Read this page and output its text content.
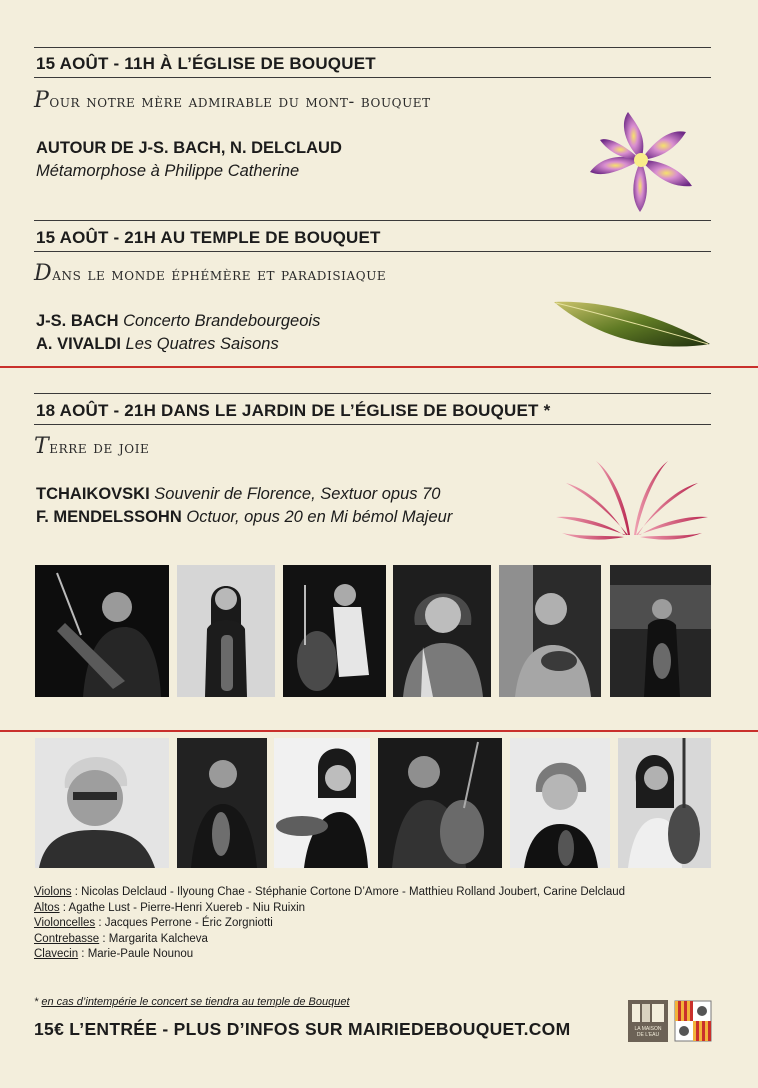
15 AOÛT - 11H À L’ÉGLISE DE BOUQUET
Pour notre mère admirable du mont- bouquet
AUTOUR DE J-S. BACH, N. DELCLAUD
Métamorphose à Philippe Catherine
15 AOÛT - 21H AU TEMPLE DE BOUQUET
Dans le monde éphémère et paradisiaque
J-S. BACH Concerto Brandebourgeois
A. VIVALDI Les Quatres Saisons
18 AOÛT - 21H DANS LE JARDIN DE L’ÉGLISE DE BOUQUET *
Terre de joie
TCHAIKOVSKI Souvenir de Florence, Sextuor opus 70
F. MENDELSSOHN Octuor, opus 20 en Mi bémol Majeur
Violons : Nicolas Delclaud - Ilyoung Chae - Stéphanie Cortone D’Amore - Matthieu Rolland Joubert, Carine Delclaud
Altos : Agathe Lust - Pierre-Henri Xuereb - Niu Ruixin
Violoncelles : Jacques Perrone - Éric Zorgniotti
Contrebasse : Margarita Kalcheva
Clavecin : Marie-Paule Nounou
* en cas d’intempérie le concert se tiendra au temple de Bouquet
15€ L’ENTRÉE - PLUS D’INFOS SUR MAIRIEDEBOUQUET.COM	LA MAISON
DE L’EAU
